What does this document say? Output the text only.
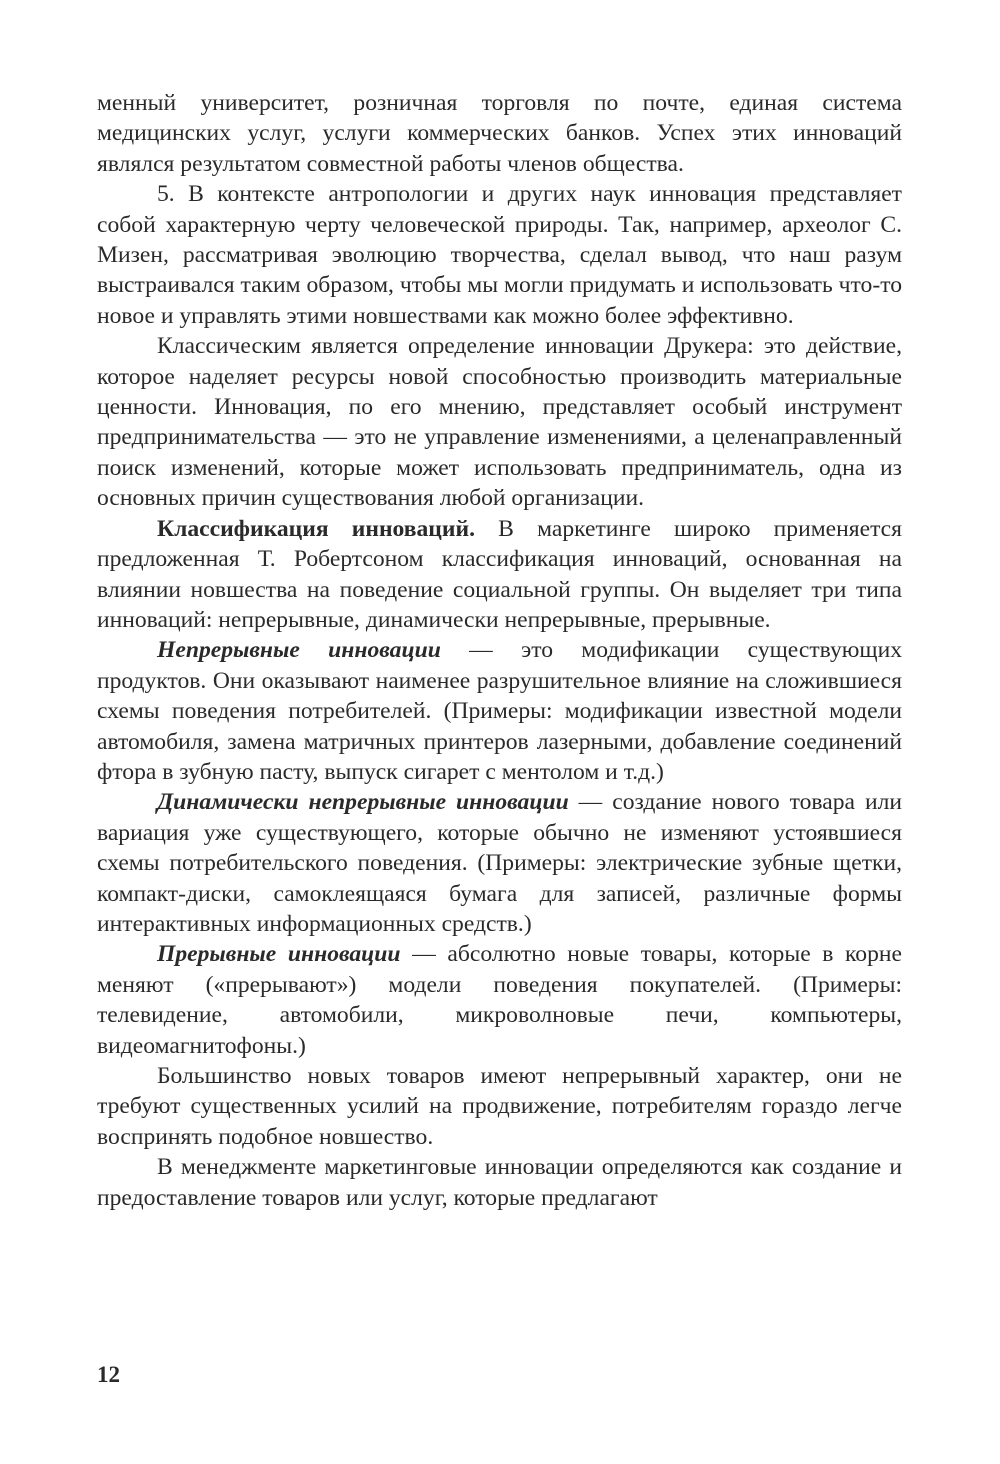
менный университет, розничная торговля по почте, единая система медицинских услуг, услуги коммерческих банков. Успех этих инноваций являлся результатом совместной работы членов общества.

5. В контексте антропологии и других наук инновация представляет собой характерную черту человеческой природы. Так, например, археолог С. Мизен, рассматривая эволюцию творчества, сделал вывод, что наш разум выстраивался таким образом, чтобы мы могли придумать и использовать что-то новое и управлять этими новшествами как можно более эффективно.

Классическим является определение инновации Друкера: это действие, которое наделяет ресурсы новой способностью производить материальные ценности. Инновация, по его мнению, представляет особый инструмент предпринимательства — это не управление изменениями, а целенаправленный поиск изменений, которые может использовать предприниматель, одна из основных причин существования любой организации.

Классификация инноваций. В маркетинге широко применяется предложенная Т. Робертсоном классификация инноваций, основанная на влиянии новшества на поведение социальной группы. Он выделяет три типа инноваций: непрерывные, динамически непрерывные, прерывные.

Непрерывные инновации — это модификации существующих продуктов. Они оказывают наименее разрушительное влияние на сложившиеся схемы поведения потребителей. (Примеры: модификации известной модели автомобиля, замена матричных принтеров лазерными, добавление соединений фтора в зубную пасту, выпуск сигарет с ментолом и т.д.)

Динамически непрерывные инновации — создание нового товара или вариация уже существующего, которые обычно не изменяют устоявшиеся схемы потребительского поведения. (Примеры: электрические зубные щетки, компакт-диски, самоклеящаяся бумага для записей, различные формы интерактивных информационных средств.)

Прерывные инновации — абсолютно новые товары, которые в корне меняют («прерывают») модели поведения покупателей. (Примеры: телевидение, автомобили, микроволновые печи, компьютеры, видеомагнитофоны.)

Большинство новых товаров имеют непрерывный характер, они не требуют существенных усилий на продвижение, потребителям гораздо легче воспринять подобное новшество.

В менеджменте маркетинговые инновации определяются как создание и предоставление товаров или услуг, которые предлагают

12
